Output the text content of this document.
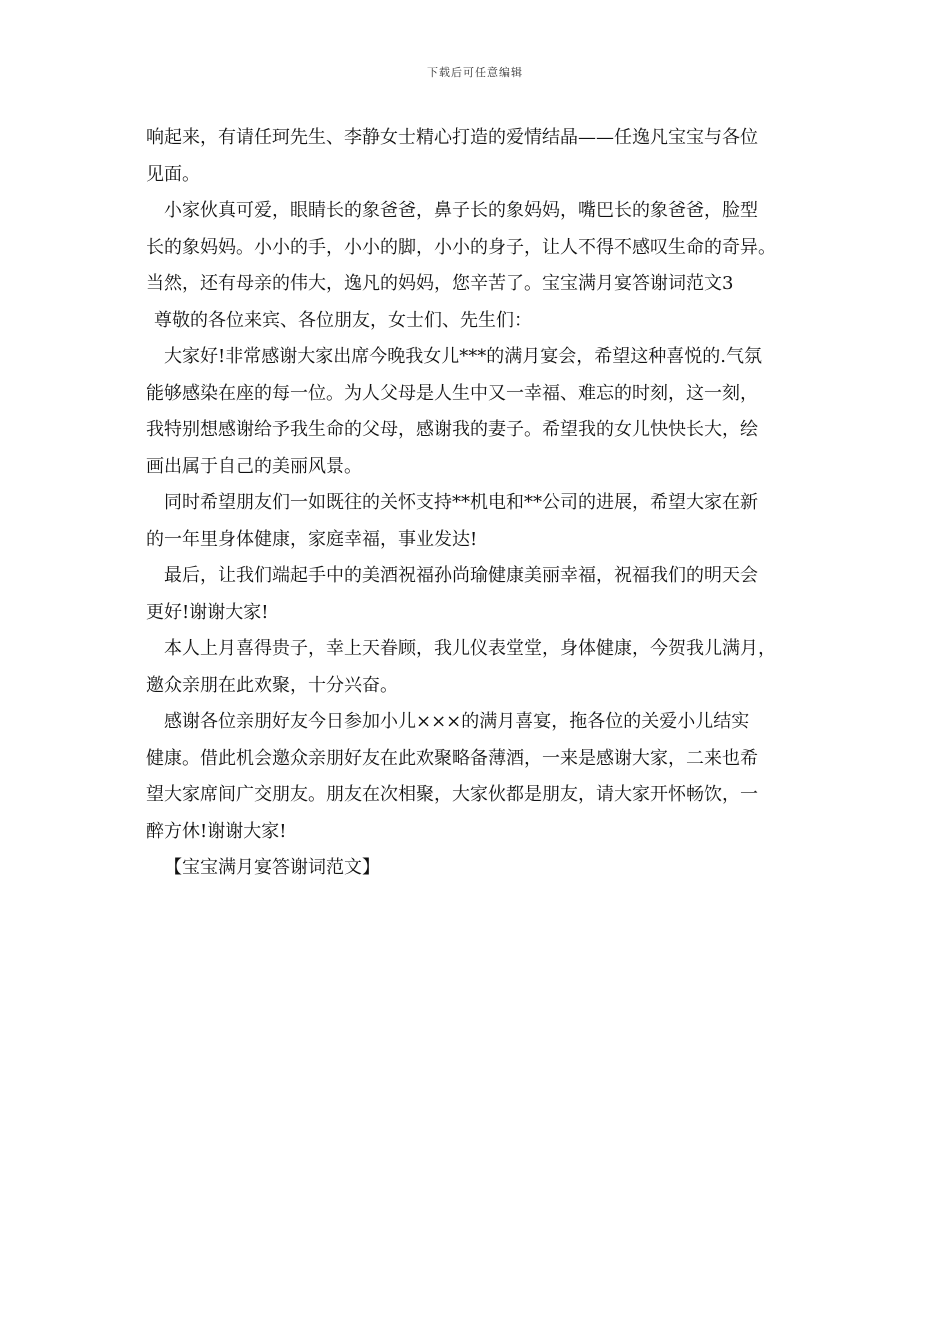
下载后可任意编辑
响起来，有请任珂先生、李静女士精心打造的爱情结晶——任逸凡宝宝与各位
见面。
小家伙真可爱，眼睛长的象爸爸，鼻子长的象妈妈，嘴巴长的象爸爸，脸型
长的象妈妈。小小的手，小小的脚，小小的身子，让人不得不感叹生命的奇异。
当然，还有母亲的伟大，逸凡的妈妈，您辛苦了。宝宝满月宴答谢词范文3
尊敬的各位来宾、各位朋友，女士们、先生们：
大家好!非常感谢大家出席今晚我女儿***的满月宴会，希望这种喜悦的.气氛
能够感染在座的每一位。为人父母是人生中又一幸福、难忘的时刻，这一刻，
我特别想感谢给予我生命的父母，感谢我的妻子。希望我的女儿快快长大，绘
画出属于自己的美丽风景。
同时希望朋友们一如既往的关怀支持**机电和**公司的进展，希望大家在新
的一年里身体健康，家庭幸福，事业发达!
最后，让我们端起手中的美酒祝福孙尚瑜健康美丽幸福，祝福我们的明天会
更好!谢谢大家!
本人上月喜得贵子，幸上天眷顾，我儿仪表堂堂，身体健康，今贺我儿满月，
邀众亲朋在此欢聚，十分兴奋。
感谢各位亲朋好友今日参加小儿×××的满月喜宴，拖各位的关爱小儿结实
健康。借此机会邀众亲朋好友在此欢聚略备薄酒，一来是感谢大家，二来也希
望大家席间广交朋友。朋友在次相聚，大家伙都是朋友，请大家开怀畅饮，一
醉方休!谢谢大家!
【宝宝满月宴答谢词范文】
